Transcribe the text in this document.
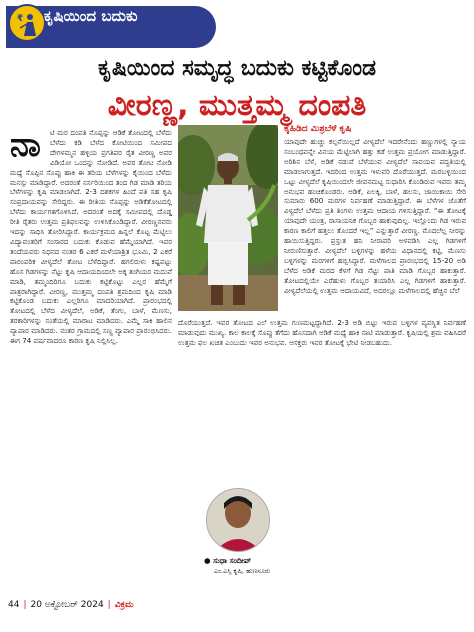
₹ ಕೃಷಿಯಿಂದ ಬದುಕು
ಕೃಷಿಯಿಂದ ಸಮೃದ್ಧ ಬದುಕು ಕಟ್ಟಿಕೊಂಡ
ವೀರಣ್ಣ, ಮುತ್ತಮ್ಮ ದಂಪತಿ
ನಾ	ಟಿ ಮರ ದಂಪತಿ ನೊಪ್ಪನ್ನು ಆಡಿಕೆ ತೋಟದಲ್ಲಿ ಬೆಳೆದು ಬೆಳೆದು ಕಡಿ ಬೆಳೆದ ಕೋಟಿಯಿಂದ ಸಮೀಪದ ದೇಗಳಮ್ಮನ ಹಳ್ಳಿಯ ಪ್ರಗತಿಪರ ರೈತ ವೀರಣ್ಣ ಅವರ ವಿಡಿಯೋ ಒಂದನ್ನು ನೋಡಿದೆ. ಅವರ ತೋಟ ನೋಡಿ ಮಧ್ಯೆ ಸೊಪ್ಪಿನ ಸೊಪ್ಪು ಹಾಕಿ ಈ ತರಿಯ ಬೆಳೆಗಳನ್ನು ಕೈಯಿಂದ ಬೆಳೆದು ಮನಸ್ಸು ಮಾಡಿದ್ದಾರೆ. ಅದರಂತೆ ನರ್ಸರಿಯಿಂದ ತಂದ ಗಿಡ ಮಾಡಿ ತರಿಯ ಬೆಳೆಗಳನ್ನು ಕೃಷಿ ಮಾಡಲಾಗಿದೆ. 2-3 ದಶಕಗಳ ಹಿಂದೆ ಪತಿ ಸಹ ಕೃಷಿ ಸಂಪ್ರದಾಯವನ್ನು ಸೇರಿದ್ದರು. ಈ ರೀತಿಯ ನೊಪ್ಪನ್ನು ಅಡಿಕೆತೋಟದಲ್ಲಿ ಬೆಳೆದು ಕಾರ್ಯಗತಗೊಳಿಸಿದೆ. ಅದರಂತೆ ಅದಕ್ಕೆ ಸಮೀಪದಲ್ಲಿ ದೊಡ್ಡ ರೀತಿ ರೈತರು ಉತ್ತಮ ಪ್ರತಿಫಲವನ್ನು ಉಳಿಸಿಕೊಂಡಿದ್ದಾರೆ. ವೀರಣ್ಣನವರು ಇದನ್ನು ಸಾಧಿಸಿ ತೋರಿಸಿದ್ದಾರೆ. ಕಾರ್ಯಕ್ರಮದ ಹಿನ್ನಲೆ ಕೊಟ್ಟ ಮೆಟ್ಟಿಲು ವಿದ್ಯಾವಂತರಿಗೆ ಸಂಸಾರದ ಬದುಕು ಕೊಡುವ ಹೆಮ್ಮೆಯಾಗಿದೆ. ಇವರ ತಂದೆಯವರು ನಿಧನದ ನಂತರ 6 ಎಕರೆ ಮಳೆಯಾಶ್ರಿತ ಭೂಮಿ, 2 ಎಕರೆ ಪಾರಂಪರಿಕ ವೀಳ್ಯದೆಲೆ ತೋಟ ಬೆಳೆದಿದ್ದಾರೆ. ಹಗಲಿರುಳು ಕಷ್ಟಪಟ್ಟು ಹೊಸ ಗಿಡಗಳನ್ನು ನೆಟ್ಟು ಕೃಷಿ ಆದಾಯದಿಂದಲೇ ಅಕ್ಕ ತಂಗಿಯರ ಮದುವೆ ಮಾಡಿ, ತಮ್ಮಂದಿರಿಗೂ ಬದುಕು ಕಟ್ಟಿಕೊಟ್ಟು ಎಲ್ಲರ ಹೆಮ್ಮೆಗೆ ಪಾತ್ರರಾಗಿದ್ದಾರೆ. ವೀರಣ್ಣ, ಮುತ್ತಮ್ಮ ದಂಪತಿ ಶ್ರಮದಿಂದ ಕೃಷಿ ಮಾಡಿ ಕಟ್ಟಿಕೊಂಡ ಬದುಕು ಎಲ್ಲರಿಗೂ ಮಾದರಿಯಾಗಿದೆ. ಪ್ರಾರಂಭದಲ್ಲಿ ತೋಟದಲ್ಲಿ ಬೆಳೆದ ವೀಳ್ಯದೆಲೆ, ಅಡಿಕೆ, ತೆಂಗು, ಬಾಳೆ, ಮೆಣಸು, ತರಕಾರಿಗಳನ್ನು ಸಂತೆಯಲ್ಲಿ ಮಾರಾಟ ಮಾಡಿದರು. ಎಮ್ಮೆ ಸಾಕಿ ಹಾಲಿನ ವ್ಯಾಪಾರ ಮಾಡಿದರು. ನಂತರ ಗ್ರಾಮದಲ್ಲಿ ಸಣ್ಣ ವ್ಯಾಪಾರ ಪ್ರಾರಂಭಿಸಿದರು. ಈಗ 74 ವರ್ಷವಾದರೂ ಕಾರಣ ಕೃಷಿ ನಿಲ್ಲಿಸಿಲ್ಲ.
ಕೈಹಿಡಿದ ಮಿಶ್ರಬೆಳೆ ಕೃಷಿ
ಯಾವುದೇ ಹುಚ್ಚು ಕಲ್ಪನೆಯಿಲ್ಲದೆ ವೀಳ್ಯದೆಲೆ ಇದರೇನೆಂದು ಹಣ್ಣುಗಳಲ್ಲಿ ನ್ಯಾಯ ಸಂಬಂಧವನ್ನೇ ವಿನಯ ಮೆಟ್ಟಿಲಾಗಿ ಹತ್ತು ಕಡೆ ಉತ್ತಮ ಪ್ರಯೋಗ ಮಾಡುತ್ತಿದ್ದಾರೆ. ಅರಿಶಿನ ಬೆಳೆ, ಅಡಿಕೆ ನಡುವೆ ಬೆಳೆಯುವ ವೀಳ್ಯದೆಲೆ ಸಾವಯವ ಪದ್ಧತಿಯಲ್ಲಿ ಮಾಡಲಾಗುತ್ತದೆ. ಇದರಿಂದ ಉತ್ತಮ ಇಳುವರಿ ದೊರೆಯುತ್ತದೆ. ಮರಬಳ್ಳಿಯಿಂದ ಒಟ್ಟು ವೀಳ್ಯದೆಲೆ ಕೃಷಿಯಿಂದಲೇ ಜೀವನಮಟ್ಟ ಸುಧಾರಿಸಿ ಕೊಂಡಿರುವ ಇವರು ತಮ್ಮ ಅನುಭವ ಹಂಚಿಕೊಂಡರು. ಅಡಿಕೆ, ಏಲಕ್ಕಿ, ಬಾಳೆ, ಹಲಸು, ಜಾಯಿಕಾಯಿ ಸೇರಿ ಸುಮಾರು 600 ಮರಗಳ ನಿರ್ವಹಣೆ ಮಾಡುತ್ತಿದ್ದಾರೆ. ಈ ಬೆಳೆಗಳ ಜೊತೆಗೆ ವಿಳ್ಯದೆಲೆ ಬೆಳೆದು ಪ್ರತಿ ತಿಂಗಳು ಉತ್ತಮ ಆದಾಯ ಗಳಿಸುತ್ತಿದ್ದಾರೆ. “ಈ ತೋಟಕ್ಕೆ ಯಾವುದೇ ಯಂತ್ರ, ರಾಸಾಯನಿಕ ಗೊಬ್ಬರ ಹಾಕುವುದಿಲ್ಲ. ಇಲ್ಲೊಂದು ಗಿಡ ಇರುವ ಕಾರಣ ಕಾಲಿಗೆ ಹತ್ತಲು ತೊಂದರೆ ಇಲ್ಲ” ಎನ್ನುತ್ತಾರೆ ವೀರಣ್ಣ. ಮೊದಲೆಲ್ಲ ನೀರನ್ನು ಹಾಯಿಸುತ್ತಿದ್ದರು. ಪ್ರಸ್ತುತ ಹನಿ ನೀರಾವರಿ ಅಳವಡಿಸಿ ಎಲ್ಲ ಗಿಡಗಳಿಗೆ ನೀರುಣಿಸುತ್ತಾರೆ. ವೀಳ್ಯದೆಲೆ ಬಳ್ಳಿಗಳನ್ನು ಹಳೆಯ ವಿಧಾನದಲ್ಲಿ ಕಟ್ಟಿ, ಮೆಣಸು ಬಳ್ಳಿಗಳನ್ನು ಮರಗಳಿಗೆ ಹಬ್ಬಿಸಿದ್ದಾರೆ. ಮಳೆಗಾಲದ ಪ್ರಾರಂಭದಲ್ಲಿ 15-20 ಅಡಿ ಬೆಳೆದ ಅಡಿಕೆ ಮರದ ಕೆಳಗೆ ಗಿಡ ನೆಟ್ಟು ಪಾತಿ ಮಾಡಿ ಗೊಬ್ಬರ ಹಾಕುತ್ತಾರೆ. ತೋಟದಲ್ಲಿಯೇ ಎರೆಹುಳು ಗೊಬ್ಬರ ತಯಾರಿಸಿ ಎಲ್ಲ ಗಿಡಗಳಿಗೆ ಹಾಕುತ್ತಾರೆ. ವೀಳ್ಯದೆಲೆಯಲ್ಲಿ ಉತ್ತಮ ಆದಾಯವಿದೆ, ಅದರಲ್ಲೂ ಮಳೆಗಾಲದಲ್ಲಿ ಹೆಚ್ಚಿನ ಬೆಲೆ
ದೊರೆಯುತ್ತದೆ. ಇವರ ತೋಟದ ಎಲೆ ಉತ್ತಮ ಗುಣಮಟ್ಟದ್ದಾಗಿದೆ. 2-3 ಅಡಿ ಬಿಟ್ಟು ಇರುವ ಬಳ್ಳಿಗಳ ವ್ಯವಸ್ಥಿತ ನಿರ್ವಹಣೆ ಮಾಡುವುದು ಮುಖ್ಯ. ಕಾಲ ಕಾಲಕ್ಕೆ ಸೊಪ್ಪು ತೆಗೆದು ಹೊಸದಾಗಿ ಅಡಿಕೆ ಮಧ್ಯೆ ಹಾಕಿ ನಾಟಿ ಮಾಡುತ್ತಾರೆ. ಕೃಷಿಯಲ್ಲಿ ಶ್ರಮ ವಹಿಸಿದರೆ ಉತ್ತಮ ಫಲ ಖಚಿತ ಎಂಬುದು ಇವರ ಅನುಭವ. ಆಸಕ್ತರು ಇವರ ತೋಟಕ್ಕೆ ಭೇಟಿ ನೀಡಬಹುದು.
● ಸುಧಾ ಸಂದೀಪ್
ಎಂ.ಎಸ್ಸಿ ಕೃಷಿ, ಹುಣಸೂರು
44 | 20 ಅಕ್ಟೋಬರ್ 2024 | ವಿಕ್ರಮ
